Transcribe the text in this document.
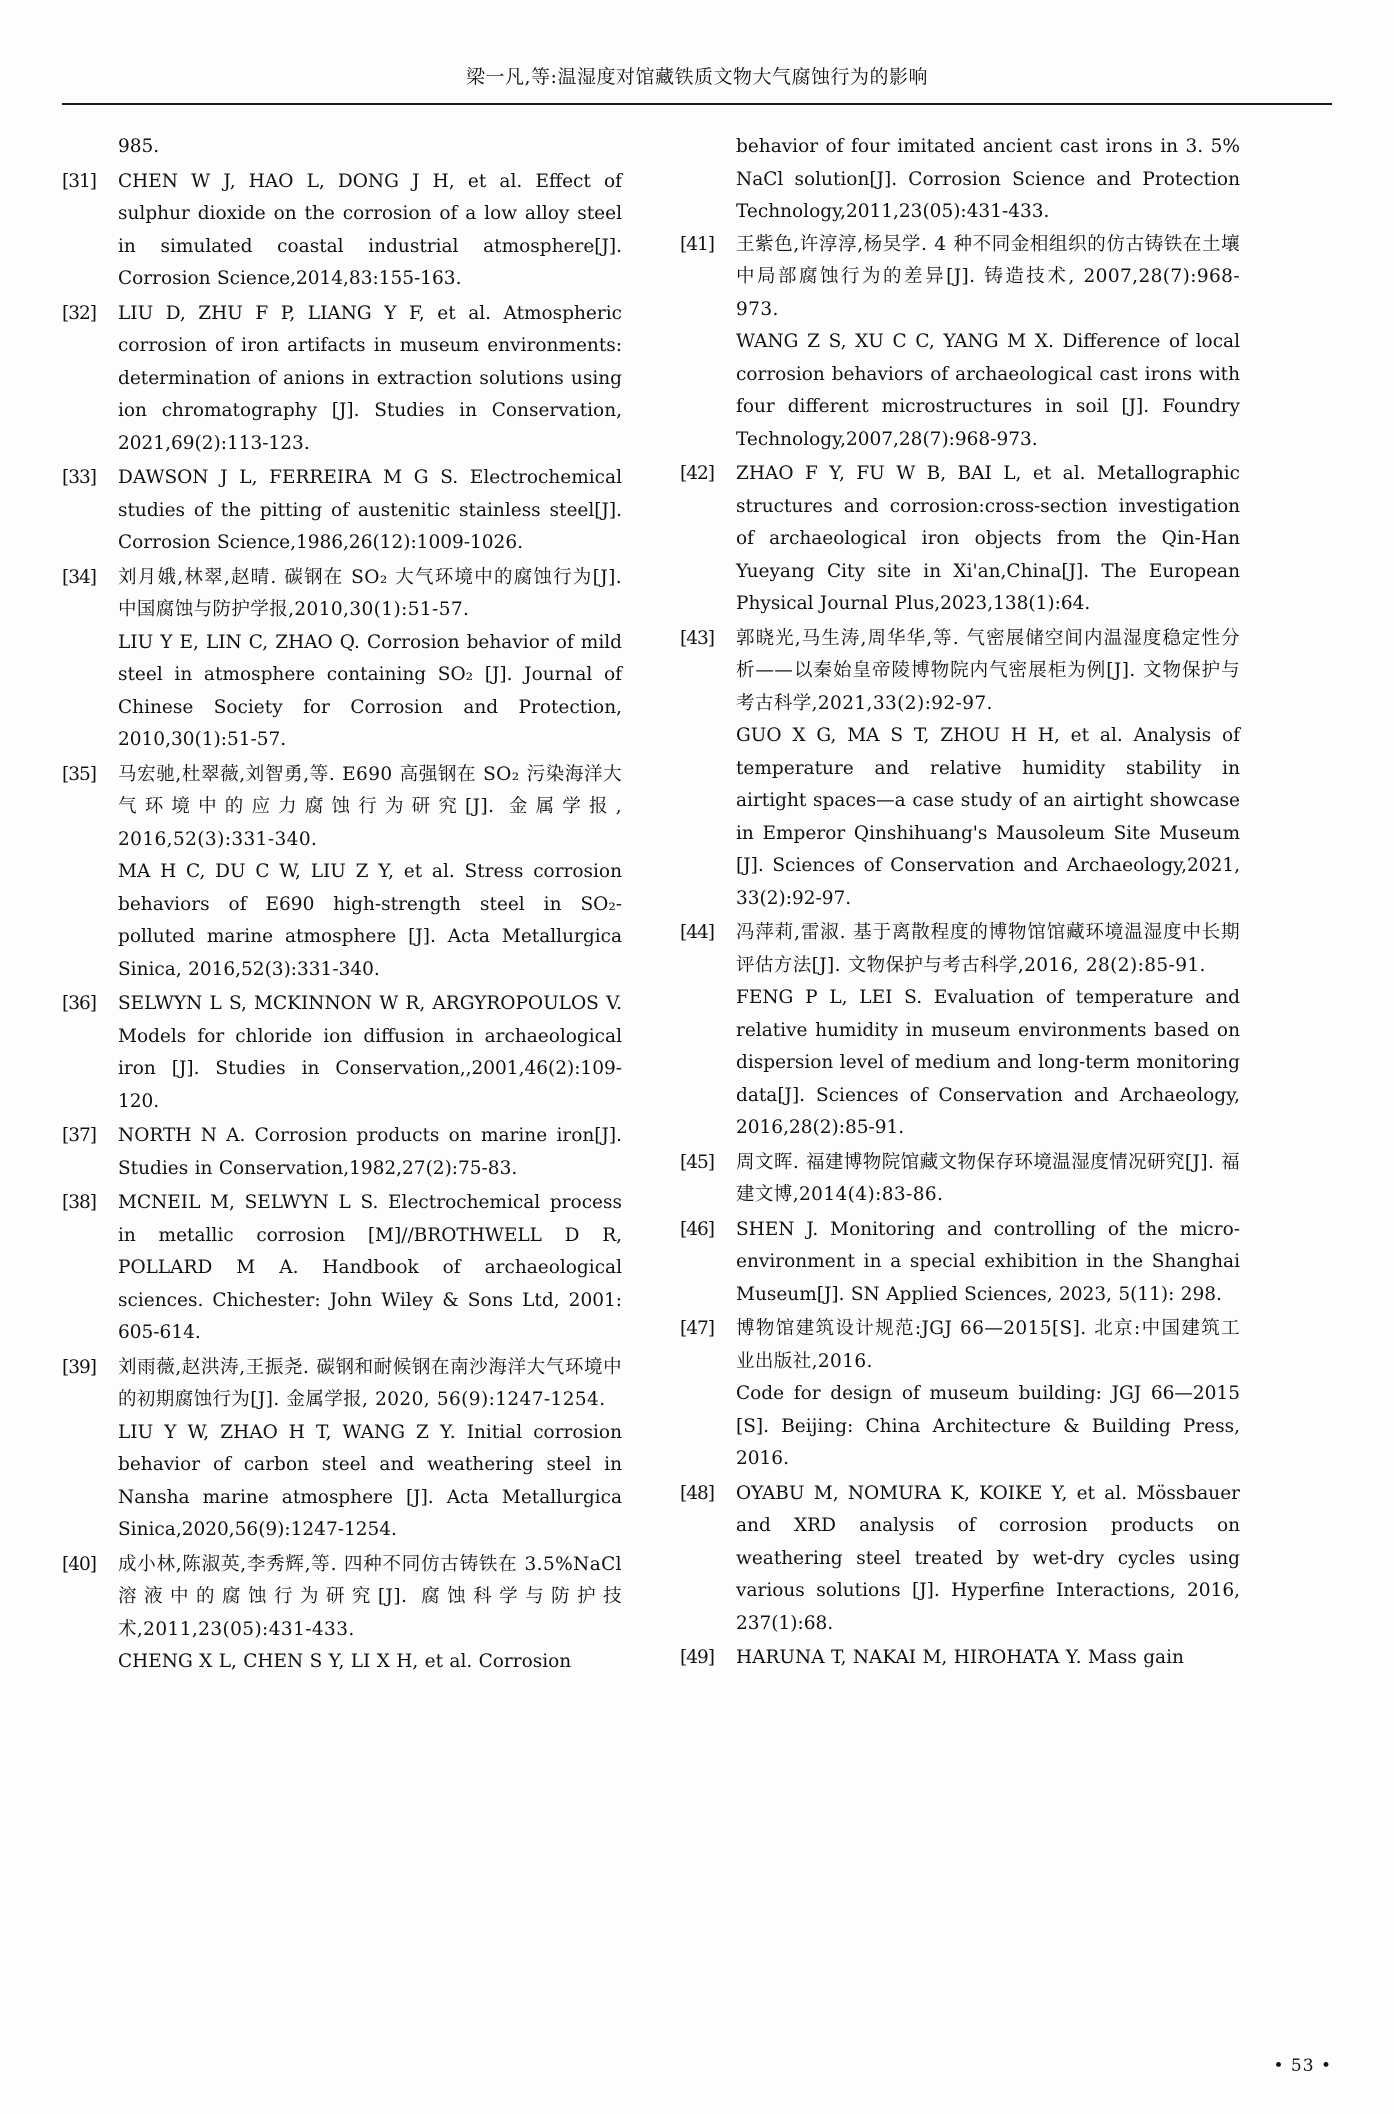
梁一凡,等:温湿度对馆藏铁质文物大气腐蚀行为的影响
985.
[31]	CHEN W J, HAO L, DONG J H, et al. Effect of sulphur dioxide on the corrosion of a low alloy steel in simulated coastal industrial atmosphere[J]. Corrosion Science,2014,83:155-163.

[32]	LIU D, ZHU F P, LIANG Y F, et al. Atmospheric corrosion of iron artifacts in museum environments: determination of anions in extraction solutions using ion chromatography [J]. Studies in Conservation, 2021,69(2):113-123.

[33]	DAWSON J L, FERREIRA M G S. Electrochemical studies of the pitting of austenitic stainless steel[J]. Corrosion Science,1986,26(12):1009-1026.

[34]	刘月娥,林翠,赵晴. 碳钢在 SO₂ 大气环境中的腐蚀行为[J]. 中国腐蚀与防护学报,2010,30(1):51-57.

LIU Y E, LIN C, ZHAO Q. Corrosion behavior of mild steel in atmosphere containing SO₂ [J]. Journal of Chinese Society for Corrosion and Protection, 2010,30(1):51-57.

[35]	马宏驰,杜翠薇,刘智勇,等. E690 高强钢在 SO₂ 污染海洋大气环境中的应力腐蚀行为研究[J]. 金属学报, 2016,52(3):331-340.

MA H C, DU C W, LIU Z Y, et al. Stress corrosion behaviors of E690 high-strength steel in SO₂-polluted marine atmosphere [J]. Acta Metallurgica Sinica, 2016,52(3):331-340.

[36]	SELWYN L S, MCKINNON W R, ARGYROPOULOS V. Models for chloride ion diffusion in archaeological iron [J]. Studies in Conservation,,2001,46(2):109-120.

[37]	NORTH N A. Corrosion products on marine iron[J]. Studies in Conservation,1982,27(2):75-83.

[38]	MCNEIL M, SELWYN L S. Electrochemical process in metallic corrosion [M]//BROTHWELL D R, POLLARD M A. Handbook of archaeological sciences. Chichester: John Wiley & Sons Ltd, 2001: 605-614.

[39]	刘雨薇,赵洪涛,王振尧. 碳钢和耐候钢在南沙海洋大气环境中的初期腐蚀行为[J]. 金属学报, 2020, 56(9):1247-1254.

LIU Y W, ZHAO H T, WANG Z Y. Initial corrosion behavior of carbon steel and weathering steel in Nansha marine atmosphere [J]. Acta Metallurgica Sinica,2020,56(9):1247-1254.

[40]	成小林,陈淑英,李秀辉,等. 四种不同仿古铸铁在 3.5%NaCl 溶液中的腐蚀行为研究[J]. 腐蚀科学与防护技术,2011,23(05):431-433.

CHENG X L, CHEN S Y, LI X H, et al. Corrosion

behavior of four imitated ancient cast irons in 3. 5% NaCl solution[J]. Corrosion Science and Protection Technology,2011,23(05):431-433.

[41]	王紫色,许淳淳,杨旲学. 4 种不同金相组织的仿古铸铁在土壤中局部腐蚀行为的差异[J]. 铸造技术, 2007,28(7):968-973.

WANG Z S, XU C C, YANG M X. Difference of local corrosion behaviors of archaeological cast irons with four different microstructures in soil [J]. Foundry Technology,2007,28(7):968-973.

[42]	ZHAO F Y, FU W B, BAI L, et al. Metallographic structures and corrosion:cross-section investigation of archaeological iron objects from the Qin-Han Yueyang City site in Xi'an,China[J]. The European Physical Journal Plus,2023,138(1):64.

[43]	郭晓光,马生涛,周华华,等. 气密展储空间内温湿度稳定性分析——以秦始皇帝陵博物院内气密展柜为例[J]. 文物保护与考古科学,2021,33(2):92-97.

GUO X G, MA S T, ZHOU H H, et al. Analysis of temperature and relative humidity stability in airtight spaces—a case study of an airtight showcase in Emperor Qinshihuang's Mausoleum Site Museum [J]. Sciences of Conservation and Archaeology,2021, 33(2):92-97.

[44]	冯萍莉,雷淑. 基于离散程度的博物馆馆藏环境温湿度中长期评估方法[J]. 文物保护与考古科学,2016, 28(2):85-91.

FENG P L, LEI S. Evaluation of temperature and relative humidity in museum environments based on dispersion level of medium and long-term monitoring data[J]. Sciences of Conservation and Archaeology, 2016,28(2):85-91.

[45]	周文晖. 福建博物院馆藏文物保存环境温湿度情况研究[J]. 福建文博,2014(4):83-86.

[46]	SHEN J. Monitoring and controlling of the micro-environment in a special exhibition in the Shanghai Museum[J]. SN Applied Sciences, 2023, 5(11): 298.

[47]	博物馆建筑设计规范:JGJ 66—2015[S]. 北京:中国建筑工业出版社,2016.

Code for design of museum building: JGJ 66—2015 [S]. Beijing: China Architecture & Building Press, 2016.

[48]	OYABU M, NOMURA K, KOIKE Y, et al. Mössbauer and XRD analysis of corrosion products on weathering steel treated by wet-dry cycles using various solutions [J]. Hyperfine Interactions, 2016, 237(1):68.

[49]	HARUNA T, NAKAI M, HIROHATA Y. Mass gain

• 53 •
